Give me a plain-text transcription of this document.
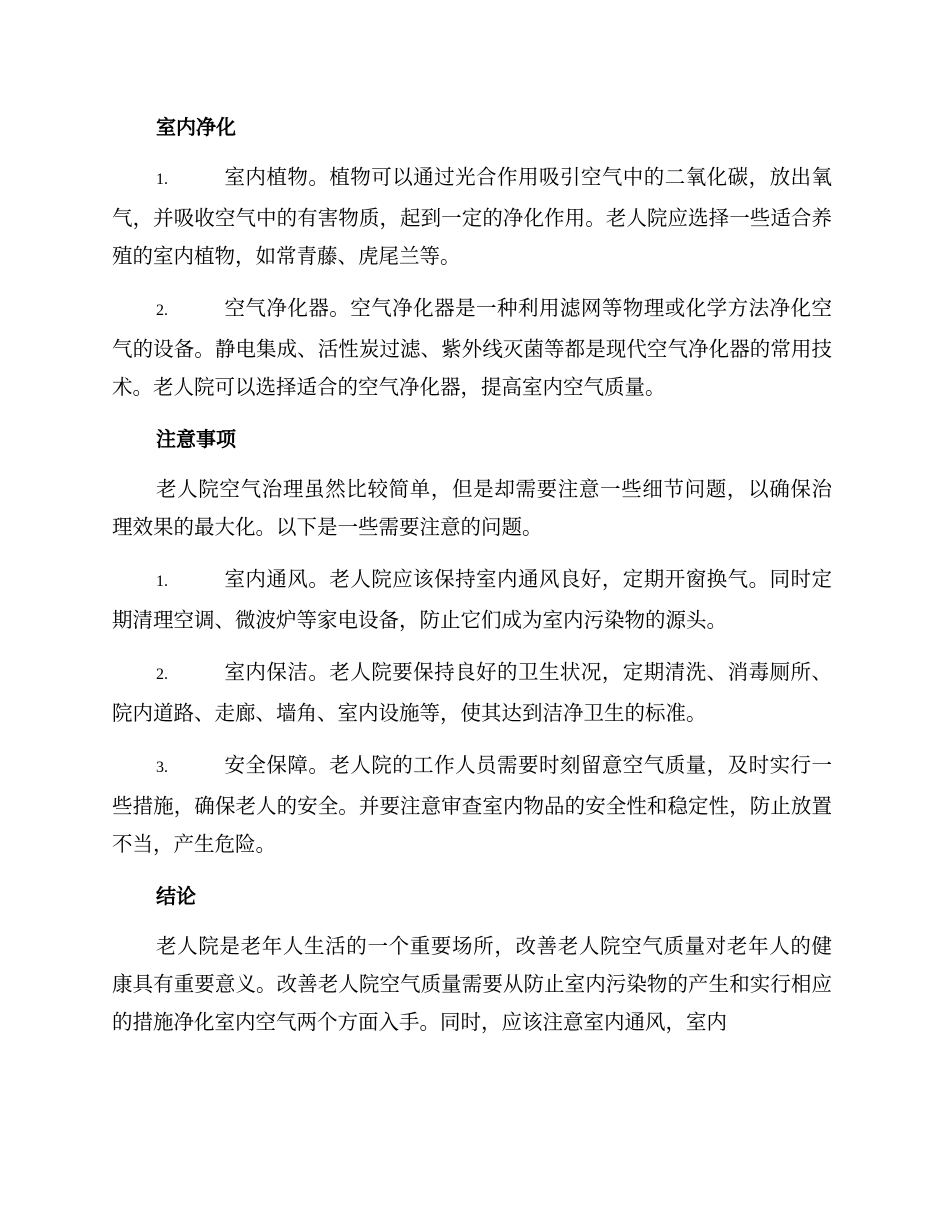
室内净化
1.	室内植物。植物可以通过光合作用吸引空气中的二氧化碳，放出氧气，并吸收空气中的有害物质，起到一定的净化作用。老人院应选择一些适合养殖的室内植物，如常青藤、虎尾兰等。
2.	空气净化器。空气净化器是一种利用滤网等物理或化学方法净化空气的设备。静电集成、活性炭过滤、紫外线灭菌等都是现代空气净化器的常用技术。老人院可以选择适合的空气净化器，提高室内空气质量。
注意事项

老人院空气治理虽然比较简单，但是却需要注意一些细节问题，以确保治理效果的最大化。以下是一些需要注意的问题。

1.	室内通风。老人院应该保持室内通风良好，定期开窗换气。同时定期清理空调、微波炉等家电设备，防止它们成为室内污染物的源头。
2.	室内保洁。老人院要保持良好的卫生状况，定期清洗、消毒厕所、院内道路、走廊、墙角、室内设施等，使其达到洁净卫生的标准。
3.	安全保障。老人院的工作人员需要时刻留意空气质量，及时实行一些措施，确保老人的安全。并要注意审查室内物品的安全性和稳定性，防止放置不当，产生危险。
结论

老人院是老年人生活的一个重要场所，改善老人院空气质量对老年人的健康具有重要意义。改善老人院空气质量需要从防止室内污染物的产生和实行相应的措施净化室内空气两个方面入手。同时，应该注意室内通风，室内
